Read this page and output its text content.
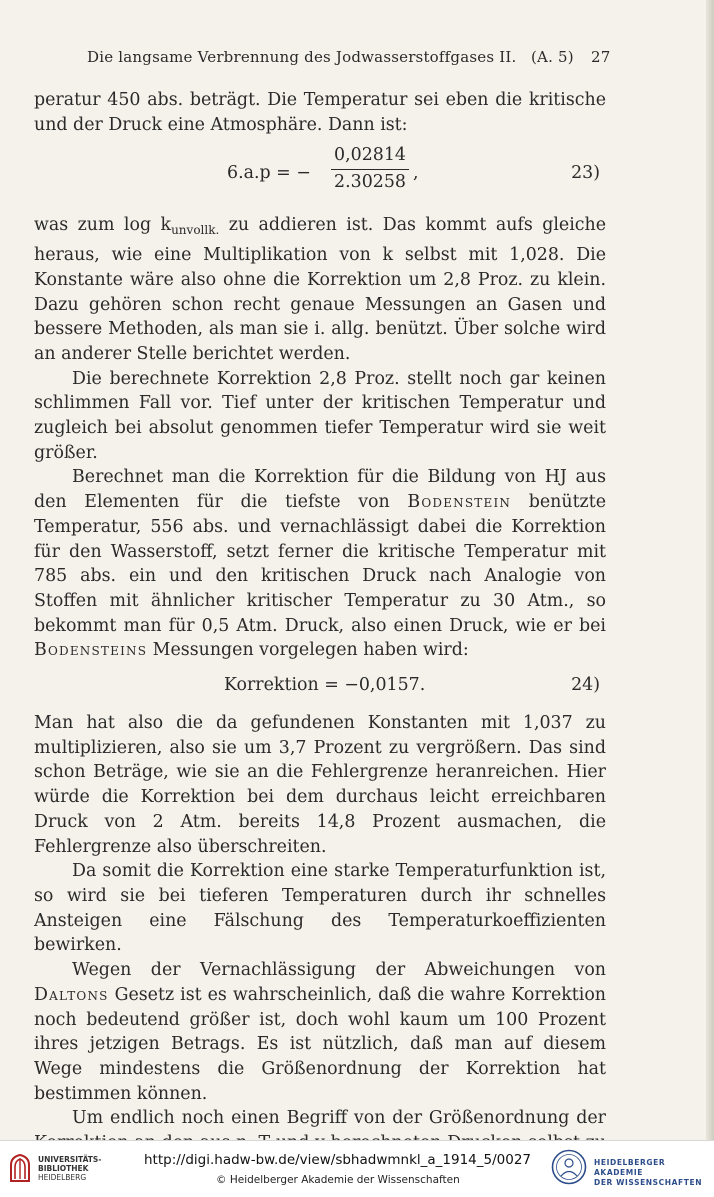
Die langsame Verbrennung des Jodwasserstoffgases II. (A. 5) 27

peratur 450 abs. beträgt. Die Temperatur sei eben die kritische und der Druck eine Atmosphäre. Dann ist:

6.a.p = − $\frac{0,02814}{2.30258}$ ,	23)

was zum $\log k_{unvollk.}$ zu addieren ist. Das kommt aufs gleiche heraus, wie eine Multiplikation von k selbst mit 1,028. Die Konstante wäre also ohne die Korrektion um 2,8 Proz. zu klein. Dazu gehören schon recht genaue Messungen an Gasen und bessere Methoden, als man sie i. allg. benützt. Über solche wird an anderer Stelle berichtet werden.

Die berechnete Korrektion 2,8 Proz. stellt noch gar keinen schlimmen Fall vor. Tief unter der kritischen Temperatur und zugleich bei absolut genommen tiefer Temperatur wird sie weit größer.

Berechnet man die Korrektion für die Bildung von HJ aus den Elementen für die tiefste von Bodenstein benützte Temperatur, 556 abs. und vernachlässigt dabei die Korrektion für den Wasserstoff, setzt ferner die kritische Temperatur mit 785 abs. ein und den kritischen Druck nach Analogie von Stoffen mit ähnlicher kritischer Temperatur zu 30 Atm., so bekommt man für 0,5 Atm. Druck, also einen Druck, wie er bei Bodensteins Messungen vorgelegen haben wird:

Korrektion = −0,0157.	24)

Man hat also die da gefundenen Konstanten mit 1,037 zu multiplizieren, also sie um 3,7 Prozent zu vergrößern. Das sind schon Beträge, wie sie an die Fehlergrenze heranreichen. Hier würde die Korrektion bei dem durchaus leicht erreichbaren Druck von 2 Atm. bereits 14,8 Prozent ausmachen, die Fehlergrenze also überschreiten.

Da somit die Korrektion eine starke Temperaturfunktion ist, so wird sie bei tieferen Temperaturen durch ihr schnelles Ansteigen eine Fälschung des Temperaturkoeffizienten bewirken.

Wegen der Vernachlässigung der Abweichungen von Daltons Gesetz ist es wahrscheinlich, daß die wahre Korrektion noch bedeutend größer ist, doch wohl kaum um 100 Prozent ihres jetzigen Betrags. Es ist nützlich, daß man auf diesem Wege mindestens die Größenordnung der Korrektion hat bestimmen können.

Um endlich noch einen Begriff von der Größenordnung der

UNIVERSITÄTS-
BIBLIOTHEK
HEIDELBERG
http://digi.hadw-bw.de/view/sbhadwmnkl_a_1914_5/0027
© Heidelberger Akademie der Wissenschaften
HEIDELBERGER AKADEMIE
DER WISSENSCHAFTEN
